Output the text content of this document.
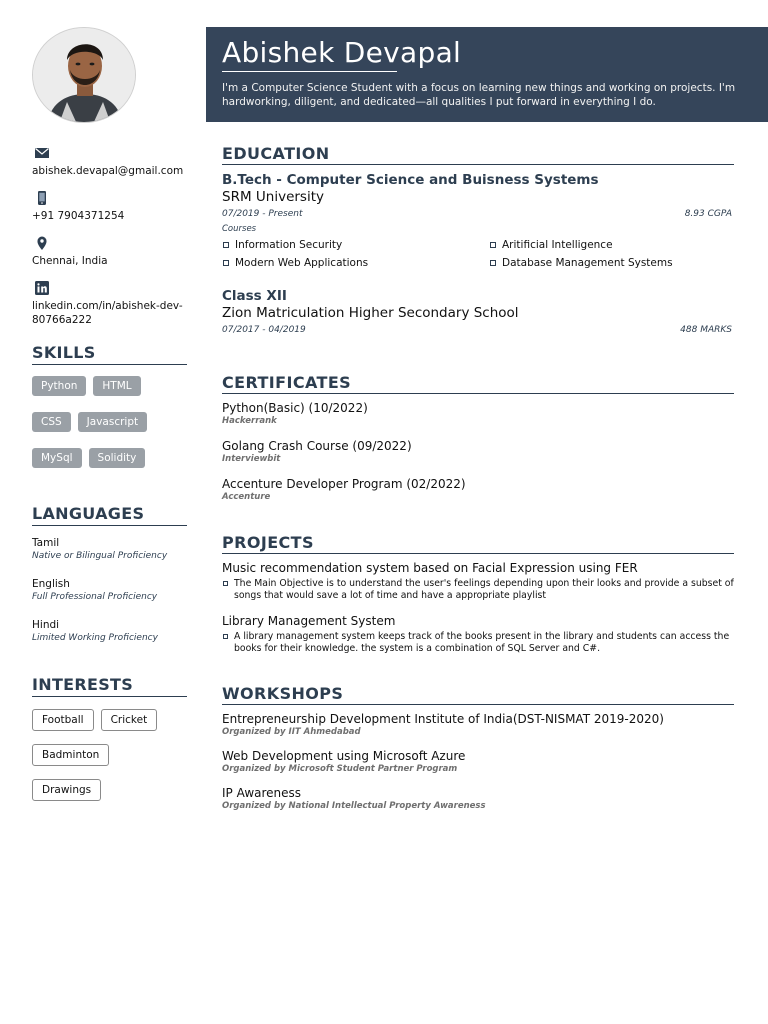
abishek.devapal@gmail.com
+91 7904371254
Chennai, India
linkedin.com/in/abishek-dev-80766a222
SKILLS
Python	HTML
CSS	Javascript
MySql	Solidity
LANGUAGES
Tamil
Native or Bilingual Proficiency
English
Full Professional Proficiency
Hindi
Limited Working Proficiency
INTERESTS
Football	Cricket
Badminton
Drawings
Abishek Devapal
I'm a Computer Science Student with a focus on learning new things and working on projects. I'm hardworking, diligent, and dedicated—all qualities I put forward in everything I do.
EDUCATION
B.Tech - Computer Science and Buisness Systems
SRM University
07/2019 - Present	8.93 CGPA
Courses
Information Security	Aritificial Intelligence
Modern Web Applications	Database Management Systems
Class XII
Zion Matriculation Higher Secondary School
07/2017 - 04/2019	488 MARKS
CERTIFICATES
Python(Basic) (10/2022)
Hackerrank
Golang Crash Course (09/2022)
Interviewbit
Accenture Developer Program (02/2022)
Accenture
PROJECTS
Music recommendation system based on Facial Expression using FER
The Main Objective is to understand the user's feelings depending upon their looks and provide a subset of songs that would save a lot of time and have a appropriate playlist
Library Management System
A library management system keeps track of the books present in the library and students can access the books for their knowledge. the system is a combination of SQL Server and C#.
WORKSHOPS
Entrepreneurship Development Institute of India(DST-NISMAT 2019-2020)
Organized by IIT Ahmedabad
Web Development using Microsoft Azure
Organized by Microsoft Student Partner Program
IP Awareness
Organized by National Intellectual Property Awareness
